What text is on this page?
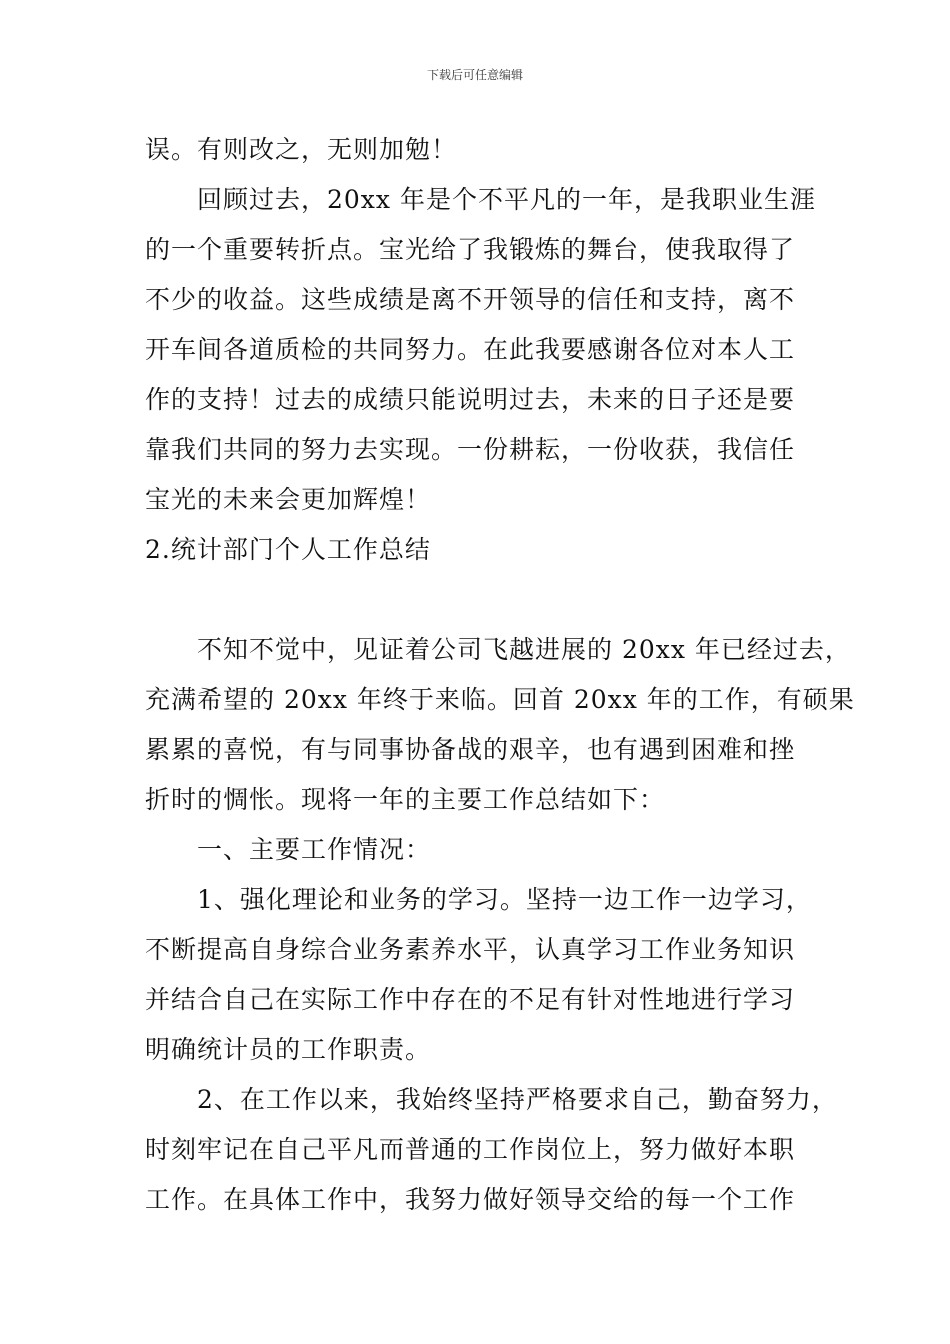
下载后可任意编辑
误。有则改之，无则加勉！
回顾过去，20xx 年是个不平凡的一年，是我职业生涯
的一个重要转折点。宝光给了我锻炼的舞台，使我取得了
不少的收益。这些成绩是离不开领导的信任和支持，离不
开车间各道质检的共同努力。在此我要感谢各位对本人工
作的支持！过去的成绩只能说明过去，未来的日子还是要
靠我们共同的努力去实现。一份耕耘，一份收获，我信任
宝光的未来会更加辉煌！
2.统计部门个人工作总结
不知不觉中，见证着公司飞越进展的 20xx 年已经过去，
充满希望的 20xx 年终于来临。回首 20xx 年的工作，有硕果
累累的喜悦，有与同事协备战的艰辛，也有遇到困难和挫
折时的惆怅。现将一年的主要工作总结如下：
一、主要工作情况：
1、强化理论和业务的学习。坚持一边工作一边学习，
不断提高自身综合业务素养水平，认真学习工作业务知识
并结合自己在实际工作中存在的不足有针对性地进行学习
明确统计员的工作职责。
2、在工作以来，我始终坚持严格要求自己，勤奋努力，
时刻牢记在自己平凡而普通的工作岗位上，努力做好本职
工作。在具体工作中，我努力做好领导交给的每一个工作
